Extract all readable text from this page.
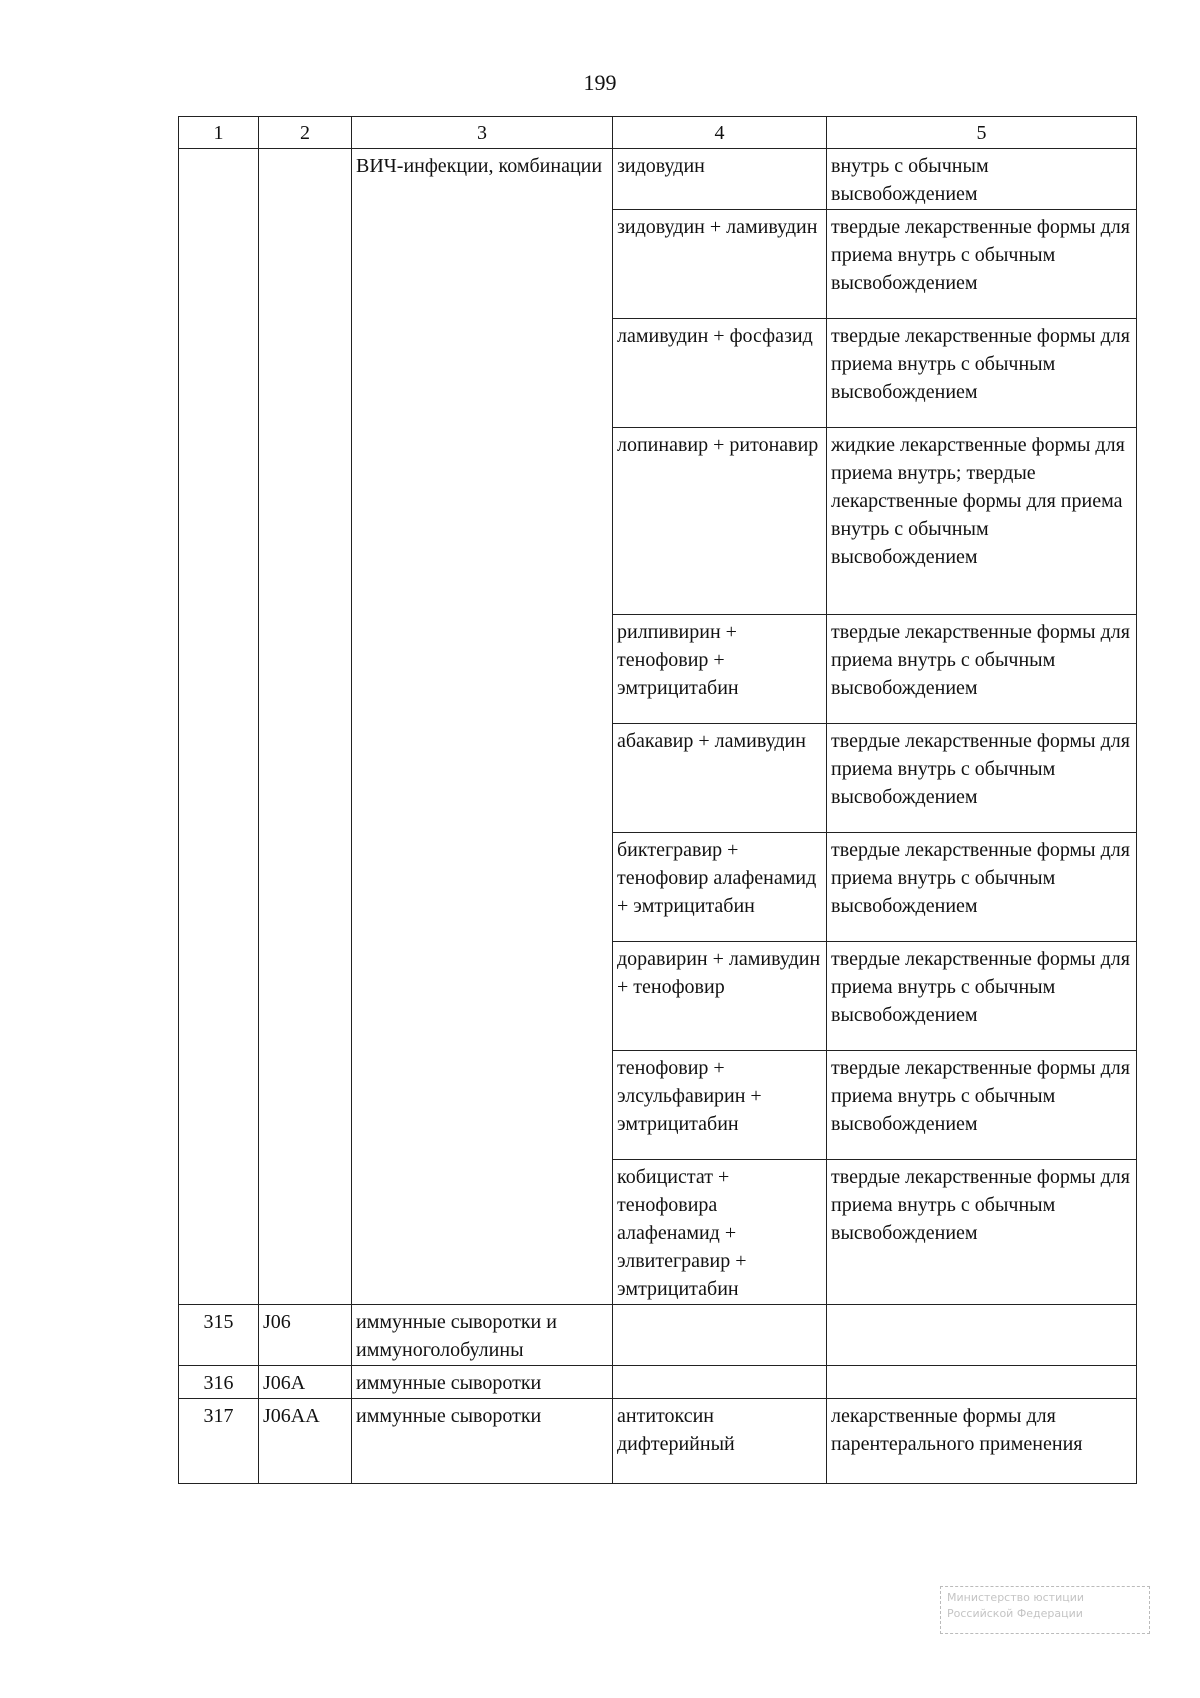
199
1	2	3	4	5
		ВИЧ-инфекции, комбинации	зидовудин	внутрь с обычным высвобождением
			зидовудин + ламивудин	твердые лекарственные формы для приема внутрь с обычным высвобождением
			ламивудин + фосфазид	твердые лекарственные формы для приема внутрь с обычным высвобождением
			лопинавир + ритонавир	жидкие лекарственные формы для приема внутрь; твердые лекарственные формы для приема внутрь с обычным высвобождением
			рилпивирин + тенофовир + эмтрицитабин	твердые лекарственные формы для приема внутрь с обычным высвобождением
			абакавир + ламивудин	твердые лекарственные формы для приема внутрь с обычным высвобождением
			биктегравир + тенофовир алафенамид + эмтрицитабин	твердые лекарственные формы для приема внутрь с обычным высвобождением
			доравирин + ламивудин + тенофовир	твердые лекарственные формы для приема внутрь с обычным высвобождением
			тенофовир + элсульфавирин + эмтрицитабин	твердые лекарственные формы для приема внутрь с обычным высвобождением
			кобицистат + тенофовира алафенамид + элвитегравир + эмтрицитабин	твердые лекарственные формы для приема внутрь с обычным высвобождением
315	J06	иммунные сыворотки и иммуноголобулины		
316	J06A	иммунные сыворотки		
317	J06AA	иммунные сыворотки	антитоксин дифтерийный	лекарственные формы для парентерального применения
Министерство юстиции
Российской Федерации
